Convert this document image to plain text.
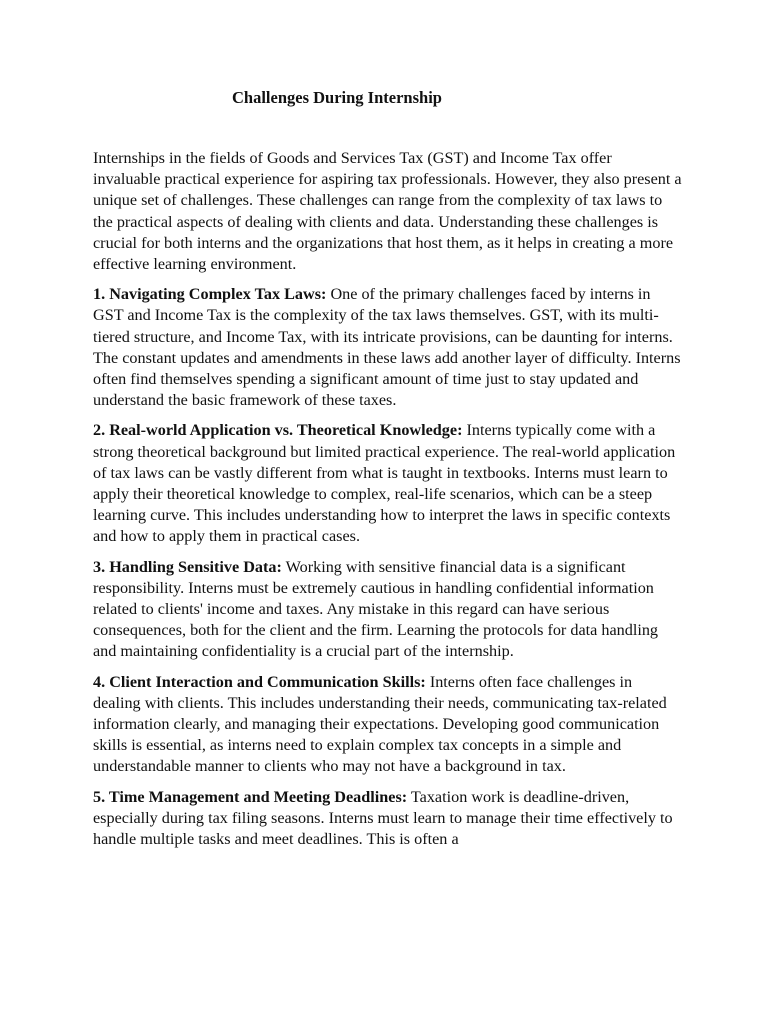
Challenges During Internship

Internships in the fields of Goods and Services Tax (GST) and Income Tax offer invaluable practical experience for aspiring tax professionals. However, they also present a unique set of challenges. These challenges can range from the complexity of tax laws to the practical aspects of dealing with clients and data. Understanding these challenges is crucial for both interns and the organizations that host them, as it helps in creating a more effective learning environment.

1. Navigating Complex Tax Laws: One of the primary challenges faced by interns in GST and Income Tax is the complexity of the tax laws themselves. GST, with its multi-tiered structure, and Income Tax, with its intricate provisions, can be daunting for interns. The constant updates and amendments in these laws add another layer of difficulty. Interns often find themselves spending a significant amount of time just to stay updated and understand the basic framework of these taxes.

2. Real-world Application vs. Theoretical Knowledge: Interns typically come with a strong theoretical background but limited practical experience. The real-world application of tax laws can be vastly different from what is taught in textbooks. Interns must learn to apply their theoretical knowledge to complex, real-life scenarios, which can be a steep learning curve. This includes understanding how to interpret the laws in specific contexts and how to apply them in practical cases.

3. Handling Sensitive Data: Working with sensitive financial data is a significant responsibility. Interns must be extremely cautious in handling confidential information related to clients' income and taxes. Any mistake in this regard can have serious consequences, both for the client and the firm. Learning the protocols for data handling and maintaining confidentiality is a crucial part of the internship.

4. Client Interaction and Communication Skills: Interns often face challenges in dealing with clients. This includes understanding their needs, communicating tax-related information clearly, and managing their expectations. Developing good communication skills is essential, as interns need to explain complex tax concepts in a simple and understandable manner to clients who may not have a background in tax.

5. Time Management and Meeting Deadlines: Taxation work is deadline-driven, especially during tax filing seasons. Interns must learn to manage their time effectively to handle multiple tasks and meet deadlines. This is often a
